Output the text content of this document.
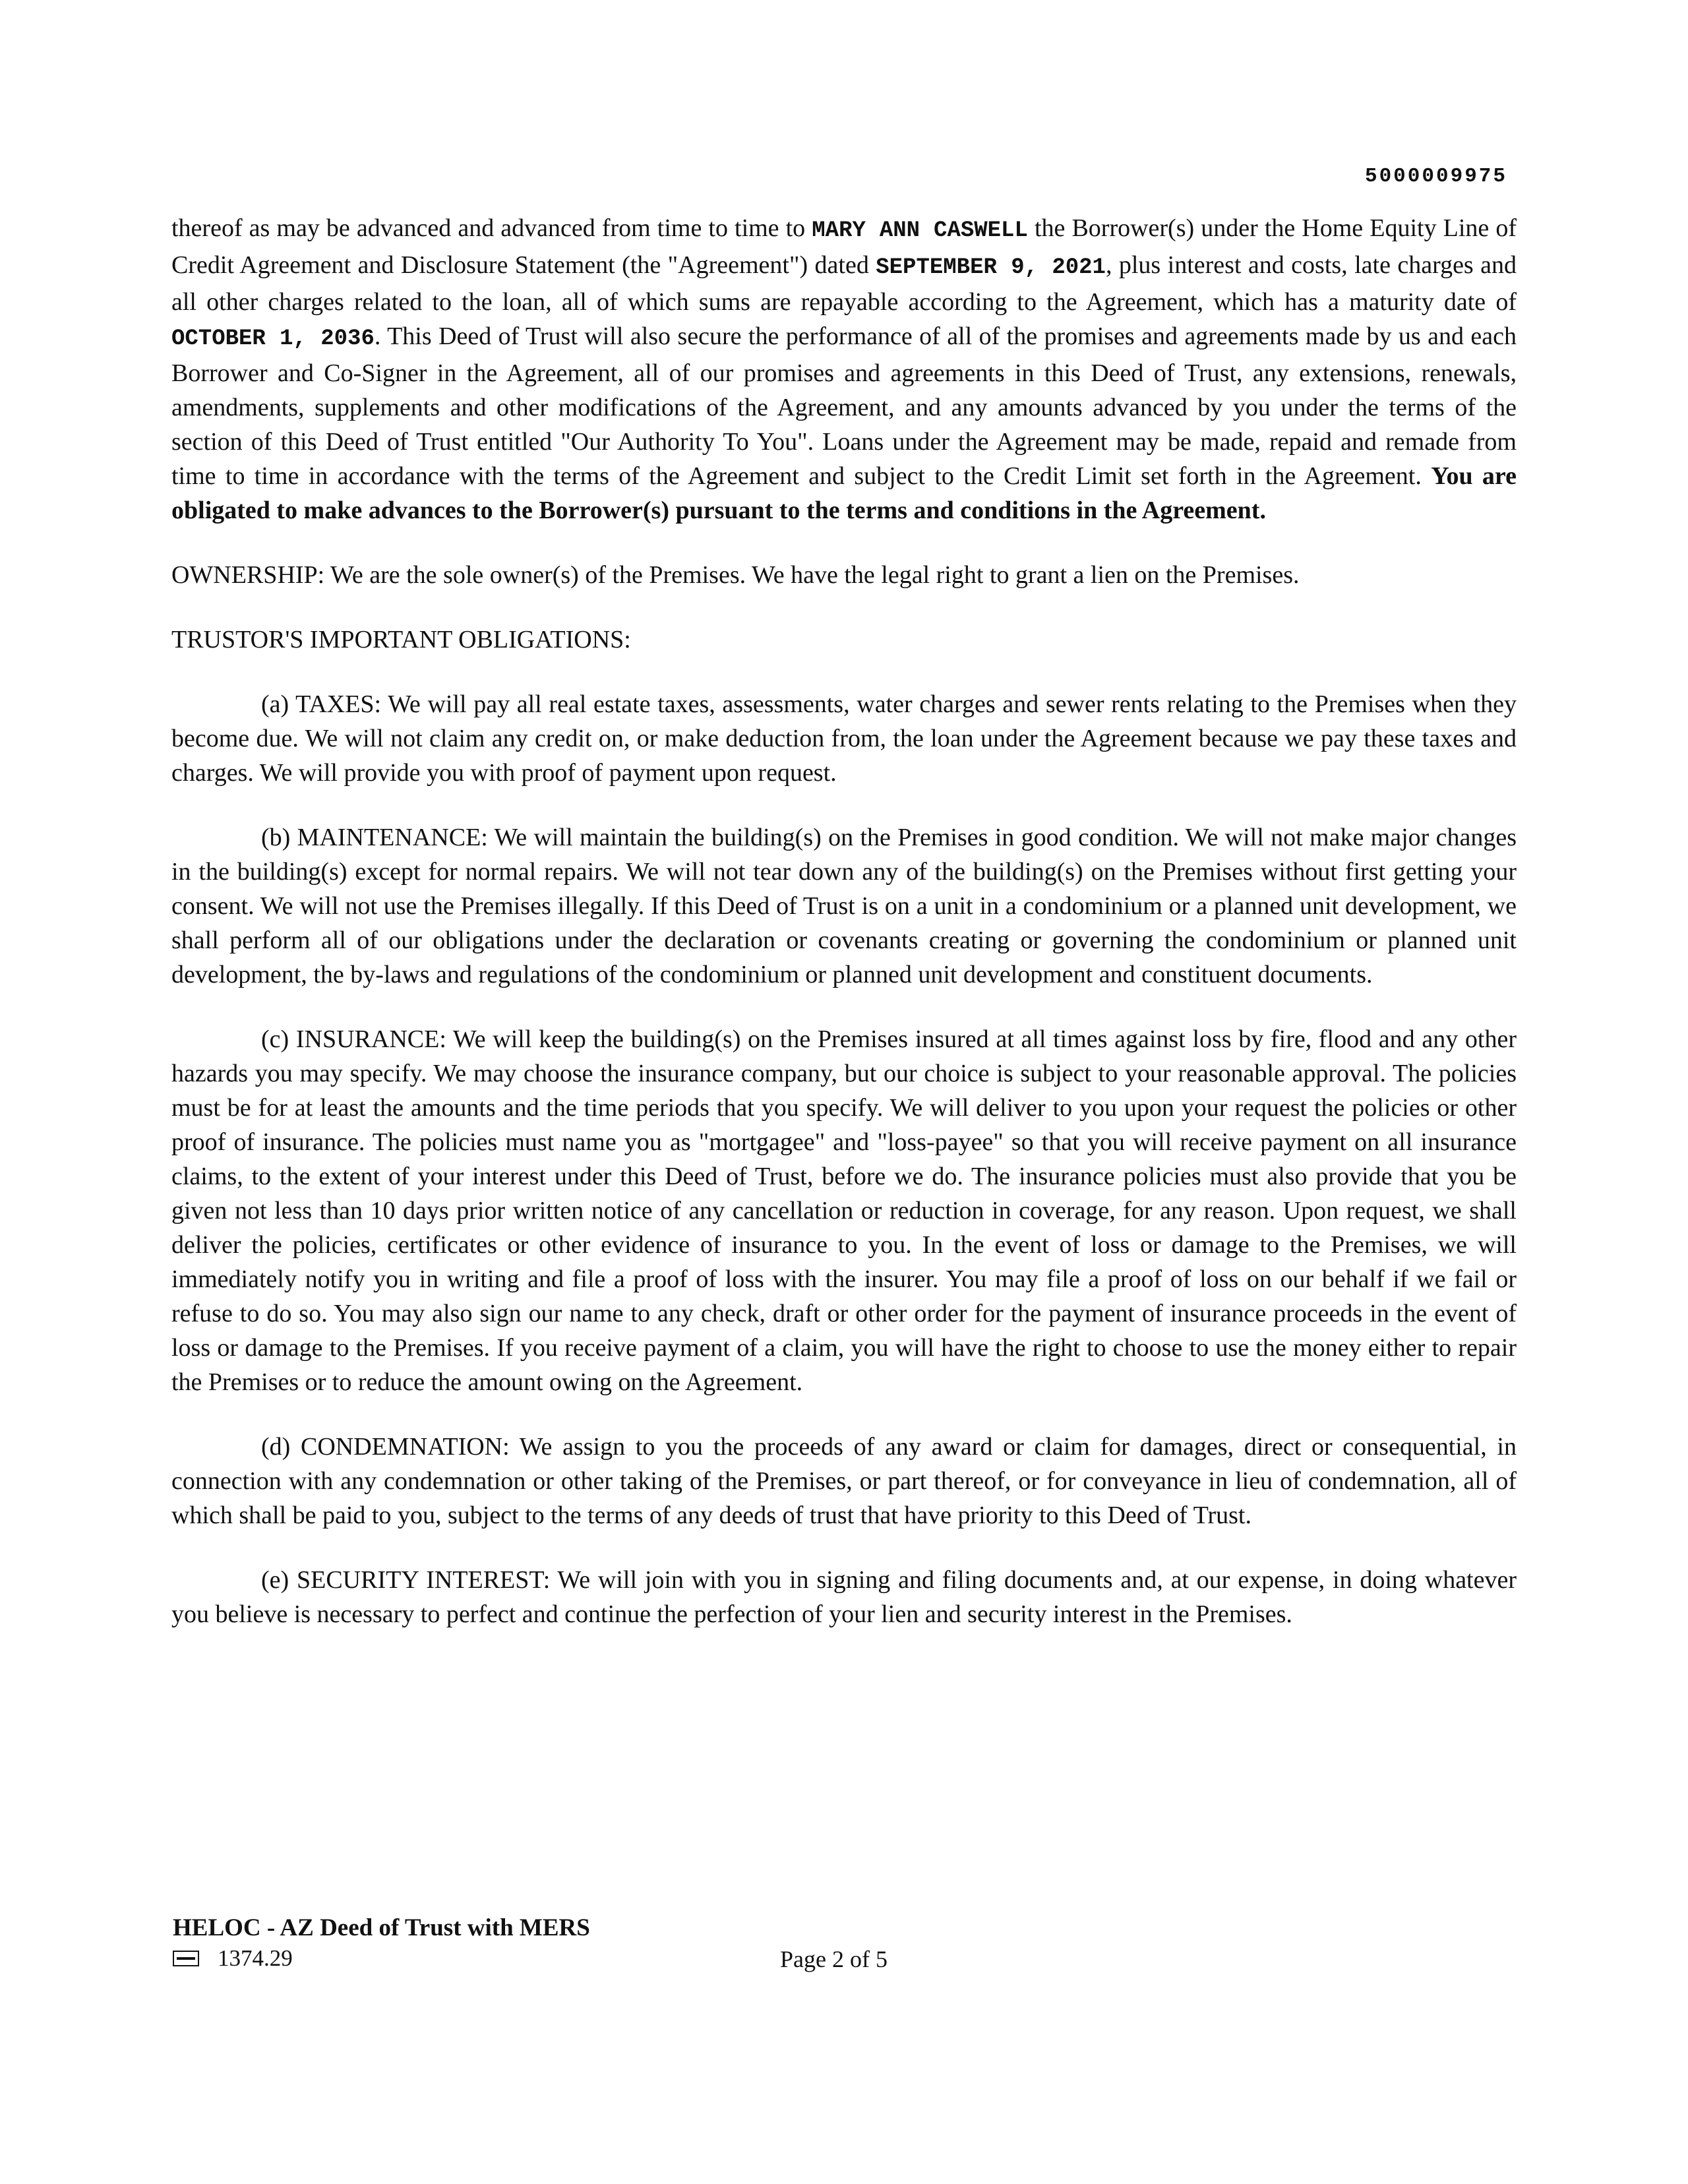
5000009975

thereof as may be advanced and advanced from time to time to MARY ANN CASWELL the Borrower(s) under the Home Equity Line of Credit Agreement and Disclosure Statement (the "Agreement") dated SEPTEMBER 9, 2021, plus interest and costs, late charges and all other charges related to the loan, all of which sums are repayable according to the Agreement, which has a maturity date of OCTOBER 1, 2036. This Deed of Trust will also secure the performance of all of the promises and agreements made by us and each Borrower and Co-Signer in the Agreement, all of our promises and agreements in this Deed of Trust, any extensions, renewals, amendments, supplements and other modifications of the Agreement, and any amounts advanced by you under the terms of the section of this Deed of Trust entitled "Our Authority To You". Loans under the Agreement may be made, repaid and remade from time to time in accordance with the terms of the Agreement and subject to the Credit Limit set forth in the Agreement. You are obligated to make advances to the Borrower(s) pursuant to the terms and conditions in the Agreement.

OWNERSHIP: We are the sole owner(s) of the Premises. We have the legal right to grant a lien on the Premises.

TRUSTOR'S IMPORTANT OBLIGATIONS:

(a) TAXES: We will pay all real estate taxes, assessments, water charges and sewer rents relating to the Premises when they become due. We will not claim any credit on, or make deduction from, the loan under the Agreement because we pay these taxes and charges. We will provide you with proof of payment upon request.

(b) MAINTENANCE: We will maintain the building(s) on the Premises in good condition. We will not make major changes in the building(s) except for normal repairs. We will not tear down any of the building(s) on the Premises without first getting your consent. We will not use the Premises illegally. If this Deed of Trust is on a unit in a condominium or a planned unit development, we shall perform all of our obligations under the declaration or covenants creating or governing the condominium or planned unit development, the by-laws and regulations of the condominium or planned unit development and constituent documents.

(c) INSURANCE: We will keep the building(s) on the Premises insured at all times against loss by fire, flood and any other hazards you may specify. We may choose the insurance company, but our choice is subject to your reasonable approval. The policies must be for at least the amounts and the time periods that you specify. We will deliver to you upon your request the policies or other proof of insurance. The policies must name you as "mortgagee" and "loss-payee" so that you will receive payment on all insurance claims, to the extent of your interest under this Deed of Trust, before we do. The insurance policies must also provide that you be given not less than 10 days prior written notice of any cancellation or reduction in coverage, for any reason. Upon request, we shall deliver the policies, certificates or other evidence of insurance to you. In the event of loss or damage to the Premises, we will immediately notify you in writing and file a proof of loss with the insurer. You may file a proof of loss on our behalf if we fail or refuse to do so. You may also sign our name to any check, draft or other order for the payment of insurance proceeds in the event of loss or damage to the Premises. If you receive payment of a claim, you will have the right to choose to use the money either to repair the Premises or to reduce the amount owing on the Agreement.

(d) CONDEMNATION: We assign to you the proceeds of any award or claim for damages, direct or consequential, in connection with any condemnation or other taking of the Premises, or part thereof, or for conveyance in lieu of condemnation, all of which shall be paid to you, subject to the terms of any deeds of trust that have priority to this Deed of Trust.

(e) SECURITY INTEREST: We will join with you in signing and filing documents and, at our expense, in doing whatever you believe is necessary to perfect and continue the perfection of your lien and security interest in the Premises.

HELOC - AZ Deed of Trust with MERS
1374.29	Page 2 of 5
